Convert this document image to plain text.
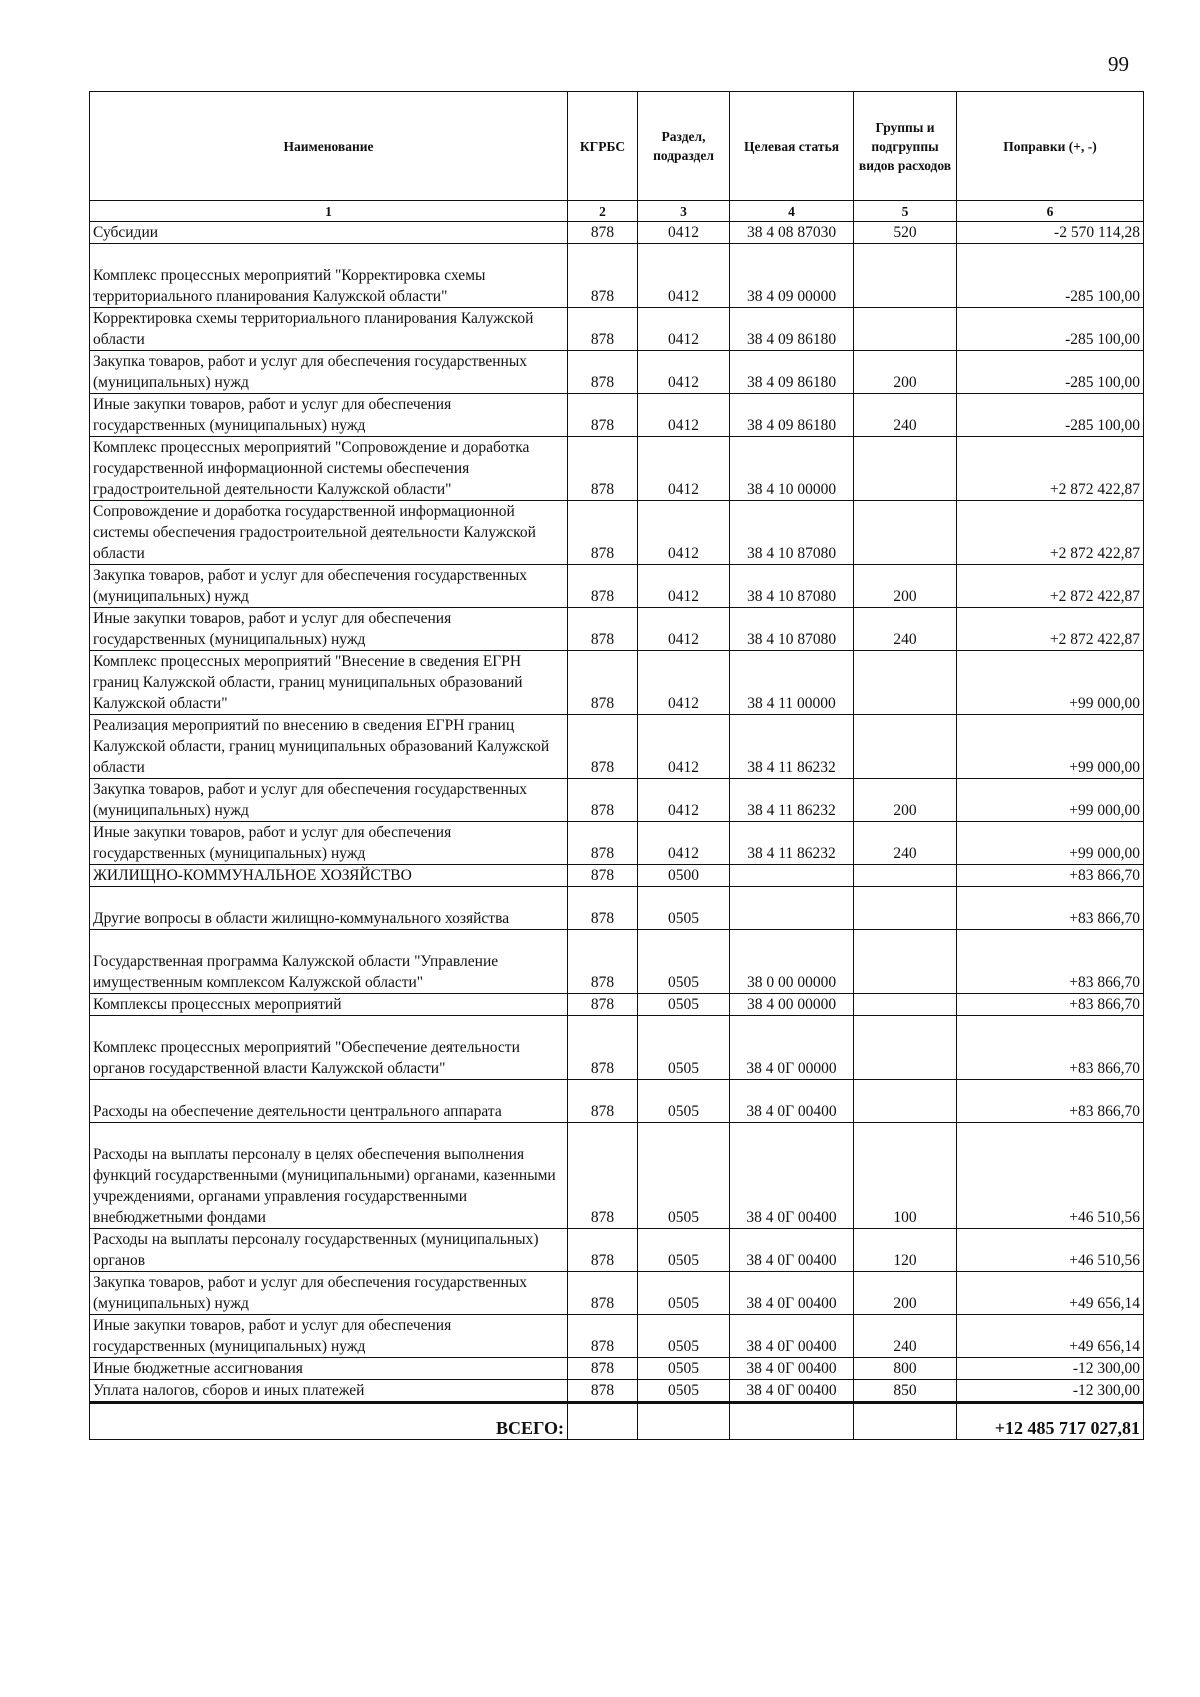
99
Наименование	КГРБС	Раздел, подраздел	Целевая статья	Группы и подгруппы видов расходов	Поправки (+, -)
1	2	3	4	5	6
Субсидии	878	0412	38 4 08 87030	520	-2 570 114,28
Комплекс процессных мероприятий "Корректировка схемы территориального планирования Калужской области"	878	0412	38 4 09 00000		-285 100,00
Корректировка схемы территориального планирования Калужской области	878	0412	38 4 09 86180		-285 100,00
Закупка товаров, работ и услуг для обеспечения государственных (муниципальных) нужд	878	0412	38 4 09 86180	200	-285 100,00
Иные закупки товаров, работ и услуг для обеспечения государственных (муниципальных) нужд	878	0412	38 4 09 86180	240	-285 100,00
Комплекс процессных мероприятий "Сопровождение и доработка государственной информационной системы обеспечения градостроительной деятельности Калужской области"	878	0412	38 4 10 00000		+2 872 422,87
Сопровождение и доработка государственной информационной системы обеспечения градостроительной деятельности Калужской области	878	0412	38 4 10 87080		+2 872 422,87
Закупка товаров, работ и услуг для обеспечения государственных (муниципальных) нужд	878	0412	38 4 10 87080	200	+2 872 422,87
Иные закупки товаров, работ и услуг для обеспечения государственных (муниципальных) нужд	878	0412	38 4 10 87080	240	+2 872 422,87
Комплекс процессных мероприятий "Внесение в сведения ЕГРН границ Калужской области, границ муниципальных образований Калужской области"	878	0412	38 4 11 00000		+99 000,00
Реализация мероприятий по внесению в сведения ЕГРН границ Калужской области, границ муниципальных образований Калужской области	878	0412	38 4 11 86232		+99 000,00
Закупка товаров, работ и услуг для обеспечения государственных (муниципальных) нужд	878	0412	38 4 11 86232	200	+99 000,00
Иные закупки товаров, работ и услуг для обеспечения государственных (муниципальных) нужд	878	0412	38 4 11 86232	240	+99 000,00
ЖИЛИЩНО-КОММУНАЛЬНОЕ ХОЗЯЙСТВО	878	0500			+83 866,70
Другие вопросы в области жилищно-коммунального хозяйства	878	0505			+83 866,70
Государственная программа Калужской области "Управление имущественным комплексом Калужской области"	878	0505	38 0 00 00000		+83 866,70
Комплексы процессных мероприятий	878	0505	38 4 00 00000		+83 866,70
Комплекс процессных мероприятий "Обеспечение деятельности органов государственной власти Калужской области"	878	0505	38 4 0Г 00000		+83 866,70
Расходы на обеспечение деятельности центрального аппарата	878	0505	38 4 0Г 00400		+83 866,70
Расходы на выплаты персоналу в целях обеспечения выполнения функций государственными (муниципальными) органами, казенными учреждениями, органами управления государственными внебюджетными фондами	878	0505	38 4 0Г 00400	100	+46 510,56
Расходы на выплаты персоналу государственных (муниципальных) органов	878	0505	38 4 0Г 00400	120	+46 510,56
Закупка товаров, работ и услуг для обеспечения государственных (муниципальных) нужд	878	0505	38 4 0Г 00400	200	+49 656,14
Иные закупки товаров, работ и услуг для обеспечения государственных (муниципальных) нужд	878	0505	38 4 0Г 00400	240	+49 656,14
Иные бюджетные ассигнования	878	0505	38 4 0Г 00400	800	-12 300,00
Уплата налогов, сборов и иных платежей	878	0505	38 4 0Г 00400	850	-12 300,00
ВСЕГО:					+12 485 717 027,81
